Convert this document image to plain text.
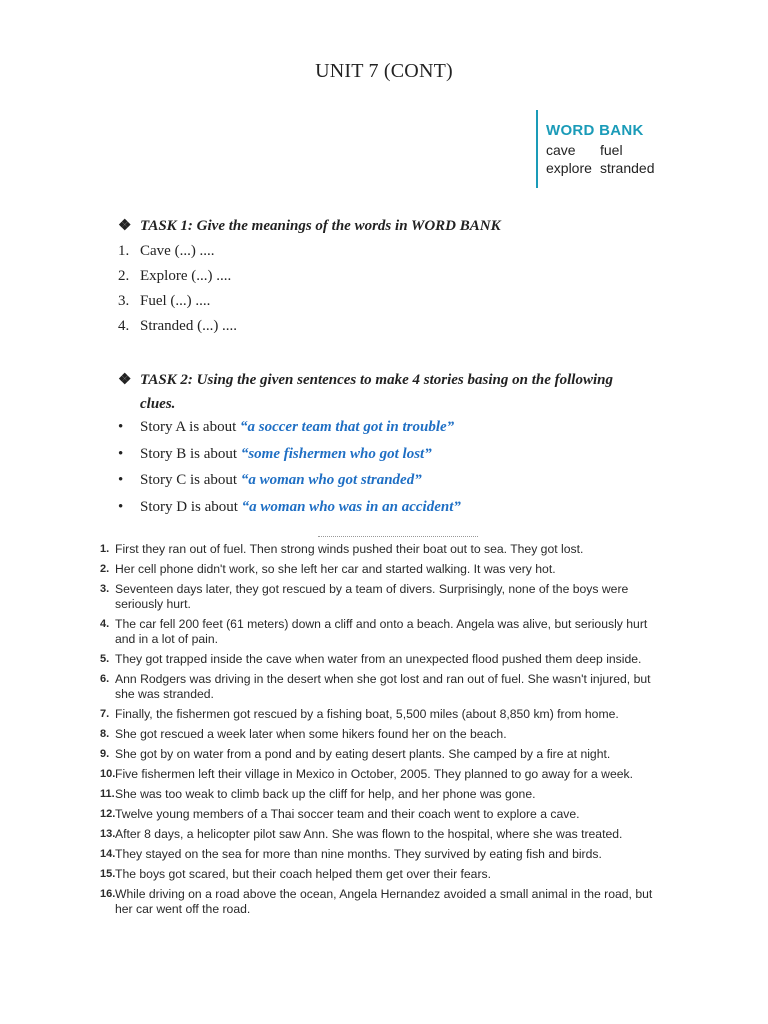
UNIT 7 (CONT)
WORD BANK
cave	fuel
explore stranded
❖ TASK 1: Give the meanings of the words in WORD BANK
1. Cave (...) ....
2. Explore (...) ....
3. Fuel (...) ....
4. Stranded (...) ....
❖ TASK 2: Using the given sentences to make 4 stories basing on the following
clues.
• Story A is about “a soccer team that got in trouble”
• Story B is about “some fishermen who got lost”
• Story C is about “a woman who got stranded”
• Story D is about “a woman who was in an accident”
1. First they ran out of fuel. Then strong winds pushed their boat out to sea. They got lost.
2. Her cell phone didn't work, so she left her car and started walking. It was very hot.
3. Seventeen days later, they got rescued by a team of divers. Surprisingly, none of the boys were seriously hurt.
4. The car fell 200 feet (61 meters) down a cliff and onto a beach. Angela was alive, but seriously hurt and in a lot of pain.
5. They got trapped inside the cave when water from an unexpected flood pushed them deep inside.
6. Ann Rodgers was driving in the desert when she got lost and ran out of fuel. She wasn't injured, but she was stranded.
7. Finally, the fishermen got rescued by a fishing boat, 5,500 miles (about 8,850 km) from home.
8. She got rescued a week later when some hikers found her on the beach.
9. She got by on water from a pond and by eating desert plants. She camped by a fire at night.
10. Five fishermen left their village in Mexico in October, 2005. They planned to go away for a week.
11. She was too weak to climb back up the cliff for help, and her phone was gone.
12. Twelve young members of a Thai soccer team and their coach went to explore a cave.
13. After 8 days, a helicopter pilot saw Ann. She was flown to the hospital, where she was treated.
14. They stayed on the sea for more than nine months. They survived by eating fish and birds.
15. The boys got scared, but their coach helped them get over their fears.
16. While driving on a road above the ocean, Angela Hernandez avoided a small animal in the road, but her car went off the road.
